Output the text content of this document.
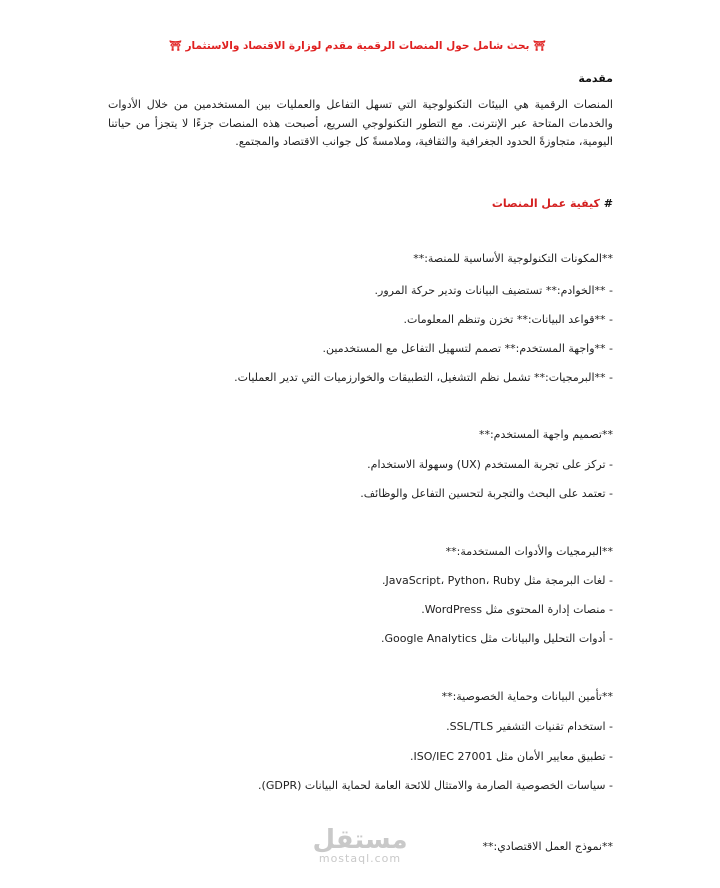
⛩ بحث شامل حول المنصات الرقمية مقدم لوزارة الاقتصاد والاستثمار ⛩
مقدمة
المنصات الرقمية هي البيئات التكنولوجية التي تسهل التفاعل والعمليات بين المستخدمين من خلال الأدوات والخدمات المتاحة عبر الإنترنت. مع التطور التكنولوجي السريع، أصبحت هذه المنصات جزءًا لا يتجزأ من حياتنا اليومية، متجاوزةً الحدود الجغرافية والثقافية، وملامسةً كل جوانب الاقتصاد والمجتمع.
# كيفية عمل المنصات
**المكونات التكنولوجية الأساسية للمنصة:**
- **الخوادم:** تستضيف البيانات وتدير حركة المرور.
- **قواعد البيانات:** تخزن وتنظم المعلومات.
- **واجهة المستخدم:** تصمم لتسهيل التفاعل مع المستخدمين.
- **البرمجيات:** تشمل نظم التشغيل، التطبيقات والخوارزميات التي تدير العمليات.
**تصميم واجهة المستخدم:**
- تركز على تجربة المستخدم (UX) وسهولة الاستخدام.
- تعتمد على البحث والتجربة لتحسين التفاعل والوظائف.
**البرمجيات والأدوات المستخدمة:**
- لغات البرمجة مثل JavaScript، Python، Ruby.
- منصات إدارة المحتوى مثل WordPress.
- أدوات التحليل والبيانات مثل Google Analytics.
**تأمين البيانات وحماية الخصوصية:**
- استخدام تقنيات التشفير SSL/TLS.
- تطبيق معايير الأمان مثل ISO/IEC 27001.
- سياسات الخصوصية الصارمة والامتثال للائحة العامة لحماية البيانات (GDPR).
**نموذج العمل الاقتصادي:**
مستقل
mostaql.com
